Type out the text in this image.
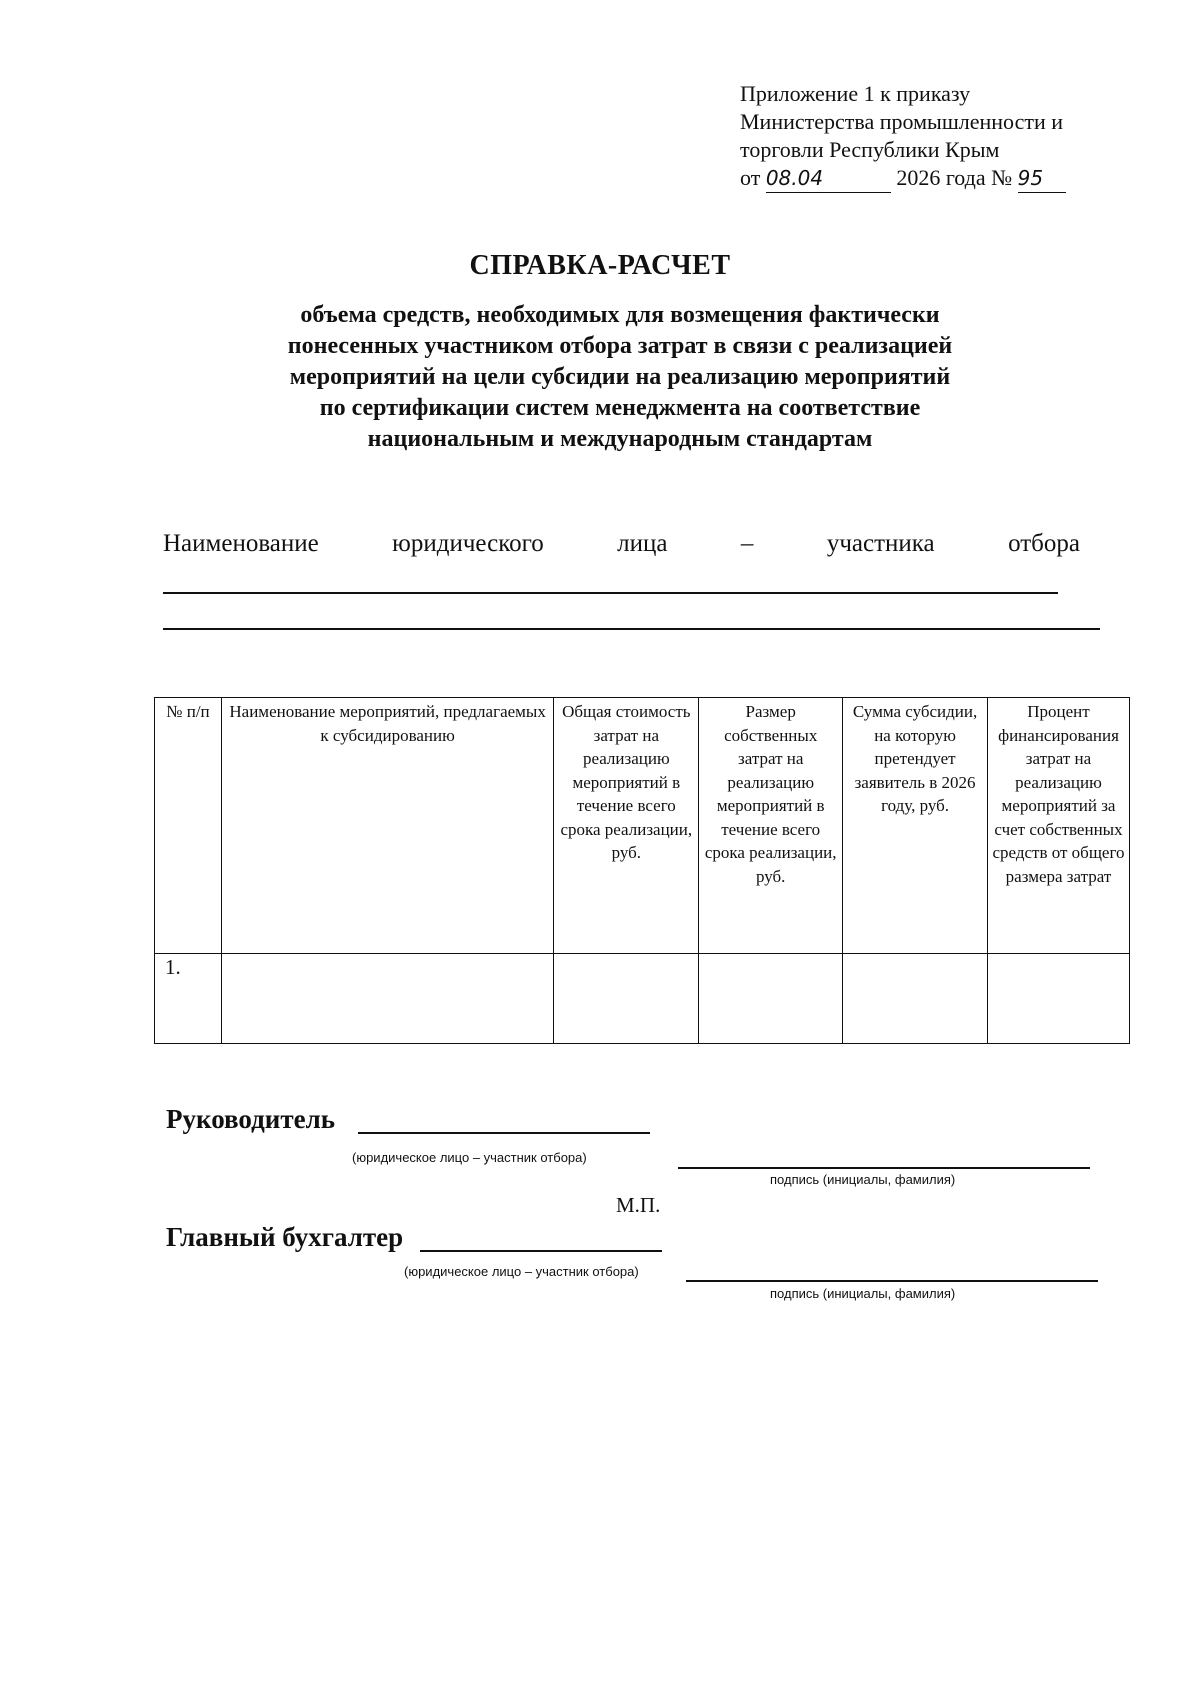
Приложение 1 к приказу
Министерства промышленности и
торговли Республики Крым
от 08.04	2026 года № 95
СПРАВКА-РАСЧЕТ
объема средств, необходимых для возмещения фактически
понесенных участником отбора затрат в связи с реализацией
мероприятий на цели субсидии на реализацию мероприятий
по сертификации систем менеджмента на соответствие
национальным и международным стандартам
Наименование	юридического	лица	–	участника	отбора
№ п/п	Наименование мероприятий, предлагаемых к субсидированию	Общая стоимость затрат на реализацию мероприятий в течение всего срока реализации, руб.	Размер собственных затрат на реализацию мероприятий в течение всего срока реализации, руб.	Сумма субсидии, на которую претендует заявитель в 2026 году, руб.	Процент финансирования затрат на реализацию мероприятий за счет собственных средств от общего размера затрат
1.					
Руководитель
(юридическое лицо – участник отбора)
подпись (инициалы, фамилия)
М.П.
Главный бухгалтер
(юридическое лицо – участник отбора)
подпись (инициалы, фамилия)
